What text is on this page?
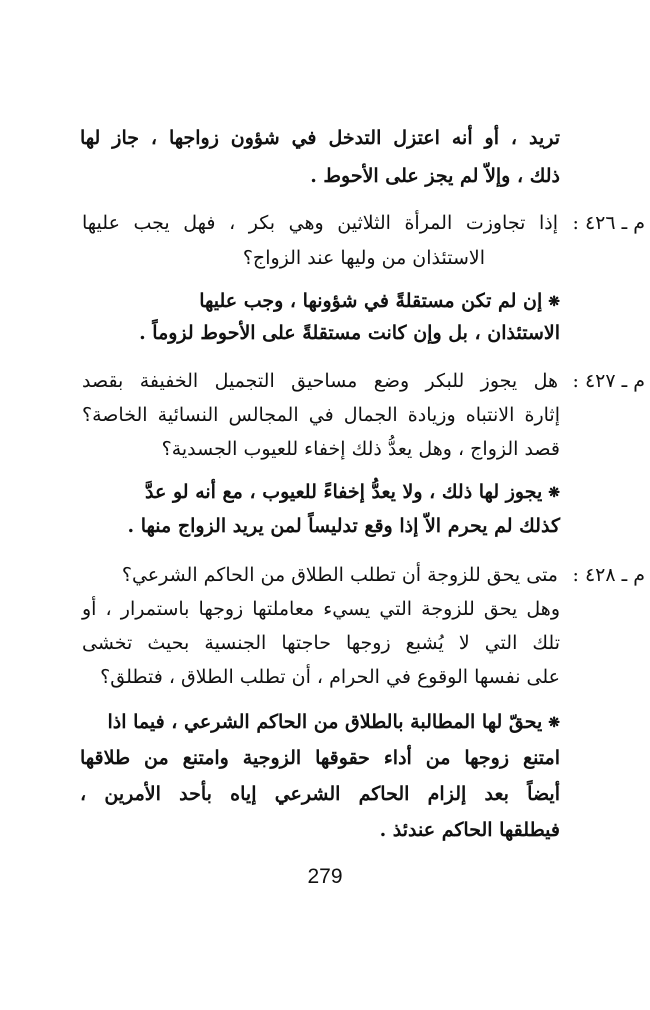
تريد ، أو أنه اعتزل التدخل في شؤون زواجها ، جاز لها
ذلك ، وإلاّ لم يجز على الأحوط .
م ـ ٤٢٦ :
إذا تجاوزت المرأة الثلاثين وهي بكر ، فهل يجب عليها
الاستئذان من وليها عند الزواج؟
❋إن لم تكن مستقلةً في شؤونها ، وجب عليها
الاستئذان ، بل وإن كانت مستقلةً على الأحوط لزوماً .
م ـ ٤٢٧ :
هل يجوز للبكر وضع مساحيق التجميل الخفيفة بقصد
إثارة الانتباه وزيادة الجمال في المجالس النسائية الخاصة؟
قصد الزواج ، وهل يعدُّ ذلك إخفاء للعيوب الجسدية؟
❋يجوز لها ذلك ، ولا يعدُّ إخفاءً للعيوب ، مع أنه لو عدَّ
كذلك لم يحرم الاّ إذا وقع تدليساً لمن يريد الزواج منها .
م ـ ٤٢٨ :
متى يحق للزوجة أن تطلب الطلاق من الحاكم الشرعي؟
وهل يحق للزوجة التي يسيء معاملتها زوجها باستمرار ، أو
تلك التي لا يُشبع زوجها حاجتها الجنسية بحيث تخشى
على نفسها الوقوع في الحرام ، أن تطلب الطلاق ، فتطلق؟
❋يحقّ لها المطالبة بالطلاق من الحاكم الشرعي ، فيما اذا
امتنع زوجها من أداء حقوقها الزوجية وامتنع من طلاقها
أيضاً بعد إلزام الحاكم الشرعي إياه بأحد الأمرين ،
فيطلقها الحاكم عندئذ .
279
